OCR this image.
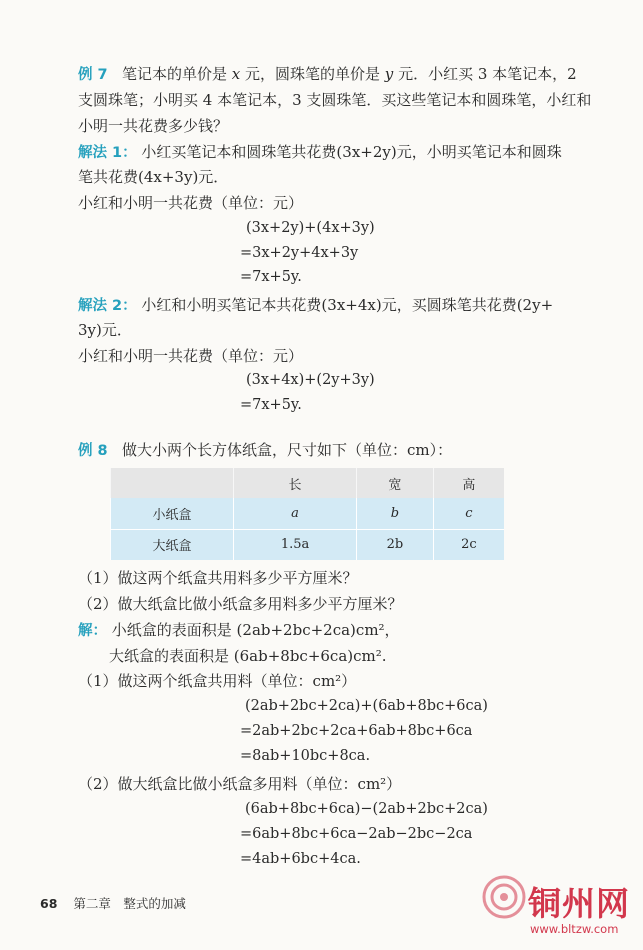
例 7 笔记本的单价是 x 元，圆珠笔的单价是 y 元．小红买 3 本笔记本，2
支圆珠笔；小明买 4 本笔记本，3 支圆珠笔．买这些笔记本和圆珠笔，小红和
小明一共花费多少钱？
解法 1： 小红买笔记本和圆珠笔共花费(3x+2y)元，小明买笔记本和圆珠
笔共花费(4x+3y)元．
小红和小明一共花费（单位：元）
(3x+2y)+(4x+3y)
=3x+2y+4x+3y
=7x+5y.
解法 2： 小红和小明买笔记本共花费(3x+4x)元，买圆珠笔共花费(2y+
3y)元．
小红和小明一共花费（单位：元）
(3x+4x)+(2y+3y)
=7x+5y.
例 8 做大小两个长方体纸盒，尺寸如下（单位：cm）：
	长	宽	高
小纸盒	a	b	c
大纸盒	1.5a	2b	2c
（1）做这两个纸盒共用料多少平方厘米？
（2）做大纸盒比做小纸盒多用料多少平方厘米？
解： 小纸盒的表面积是 (2ab+2bc+2ca)cm²，
大纸盒的表面积是 (6ab+8bc+6ca)cm².
（1）做这两个纸盒共用料（单位：cm²）
(2ab+2bc+2ca)+(6ab+8bc+6ca)
=2ab+2bc+2ca+6ab+8bc+6ca
=8ab+10bc+8ca.
（2）做大纸盒比做小纸盒多用料（单位：cm²）
(6ab+8bc+6ca)−(2ab+2bc+2ca)
=6ab+8bc+6ca−2ab−2bc−2ca
=4ab+6bc+4ca.
68 第二章　整式的加减	铜州网
www.bltzw.com
